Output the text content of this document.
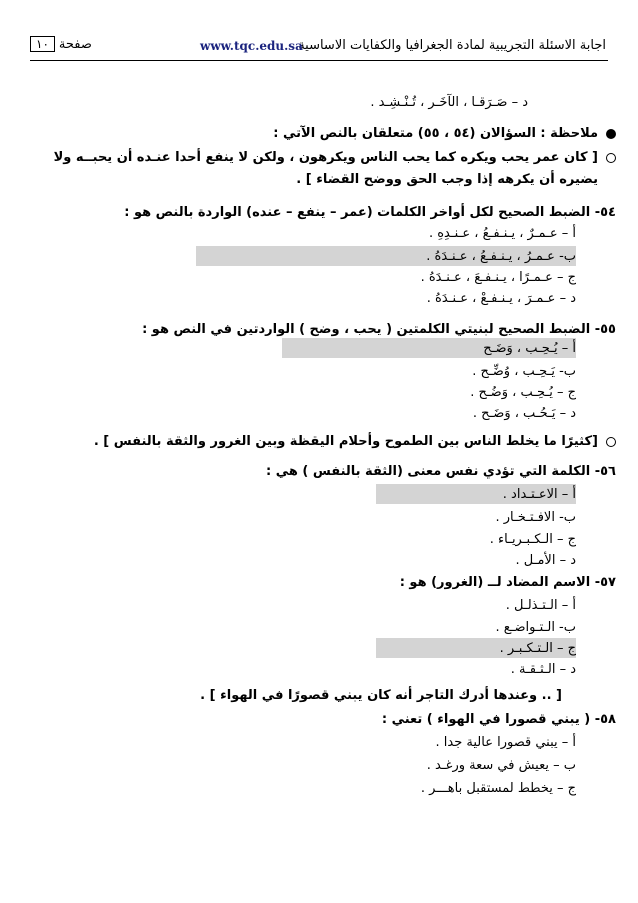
اجابة الاسئلة التجريبية لمادة الجغرافيا والكفايات الاساسية
www.tqc.edu.sa
صفحة
١٠
د – صَـرَقـا ، الآخَـر ، تُـنْـشِـد .
ملاحظة : السؤالان (٥٤ ، ٥٥) متعلقان بالنص الآتي :
[ كان عمر يحب ويكره كما يحب الناس ويكرهون ، ولكن لا ينفع أحدا عنـده أن يحبــه ولا
يضيره أن يكرهه إذا وجب الحق ووضح القضاء ] .
٥٤- الضبط الصحيح لكل أواخر الكلمات (عمر – ينفع – عنده) الواردة بالنص هو :
أ – عـمـرٌ ، يـنـفـعُ ، عـنـدِهِ .
ب- عـمـرُ ، يـنـفـعُ ، عـنـدَهُ .
ج – عـمـرًا ، يـنـفـعَ ، عـنـدَهُ .
د – عـمـرَ ، يـنـفـعْ ، عـنـدَهُ .
٥٥- الضبط الصحيح لبنيتي الكلمتين ( يحب ، وضح ) الواردتين في النص هو :
أ – يُـحِـب ، وَضَـح
ب- يَـحِـب ، وُضِّـح .
ج – يُـحِـب ، وَضُـح .
د – يَـحُـب ، وَضَـح .
[كثيرًا ما يخلط الناس بين الطموح وأحلام اليقظة وبين الغرور والثقة بالنفس ] .
٥٦- الكلمة التي تؤدي نفس معنى (الثقة بالنفس ) هي :
أ – الاعـتـداد .
ب- الافـتـخـار .
ج – الـكـبـريـاء .
د – الأمـل .
٥٧- الاسم المضاد لــ (الغرور) هو :
أ – الـتـذلـل .
ب- الـتـواضـع .
ج – الـتـكـبـر .
د – الـثـقـة .
[ .. وعندها أدرك التاجر أنه كان يبني قصورًا في الهواء ] .
٥٨- ( يبني قصورا في الهواء ) تعني :
أ – يبني قصورا عالية جدا .
ب – يعيش في سعة ورغـد .
ج – يخطط لمستقبل باهـــر .
